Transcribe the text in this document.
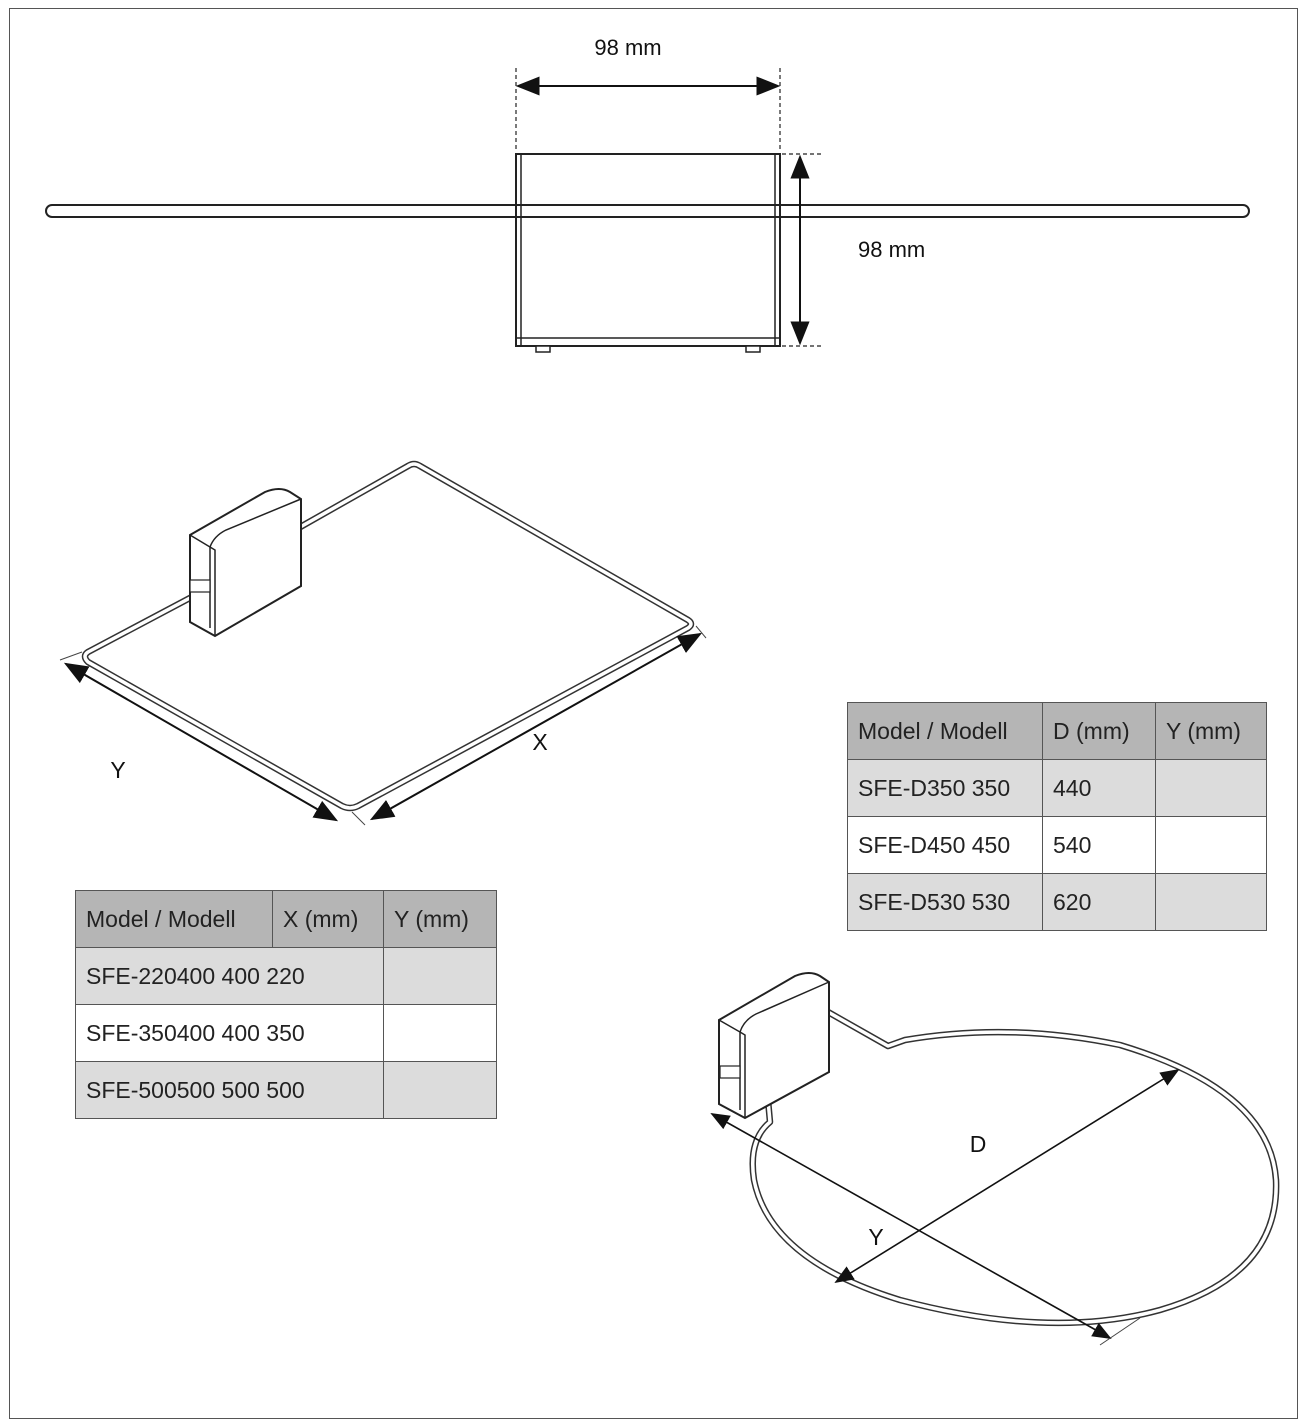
98 mm
98 mm
X
Y
D
Y
Model / Modell	X (mm)	Y (mm)
SFE-220400 400 220		
SFE-350400 400 350		
SFE-500500 500 500		
Model / Modell	D (mm)	Y (mm)
SFE-D350 350	440	
SFE-D450 450	540	
SFE-D530 530	620	
